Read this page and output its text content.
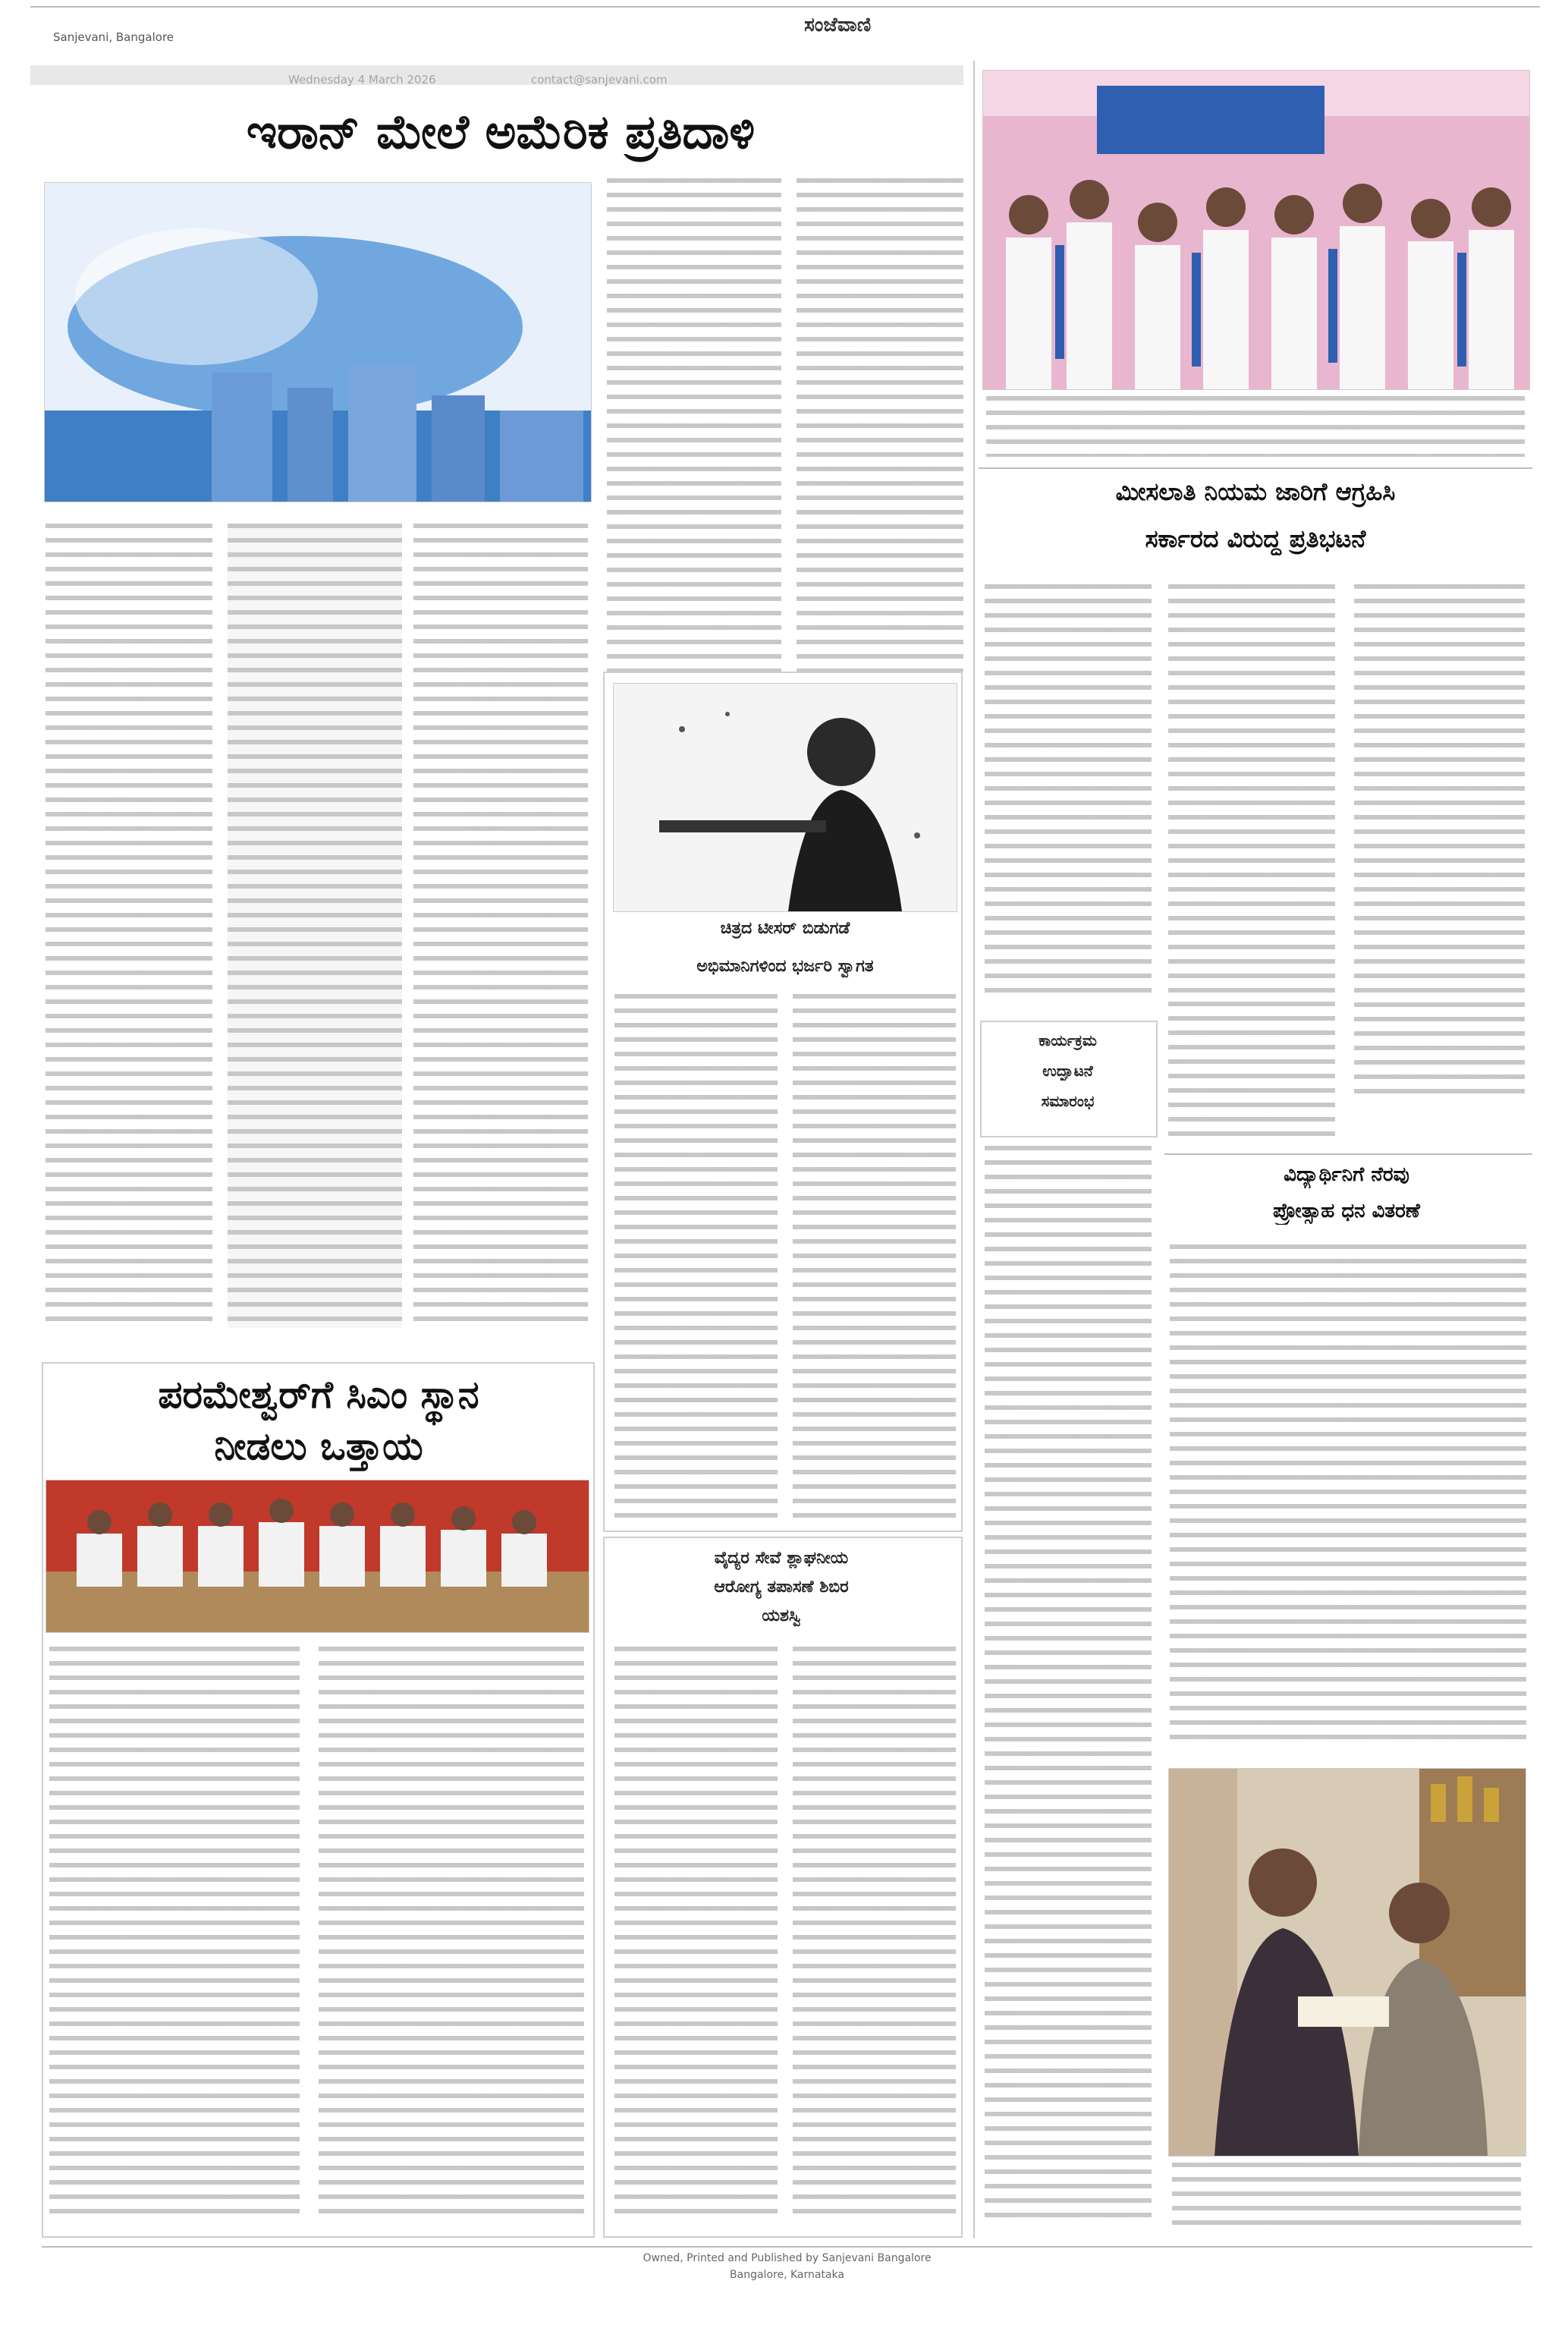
Sanjevani, Bangalore
ಸಂಜೆವಾಣಿ
ಇರಾನ್ ಮೇಲೆ ಅಮೆರಿಕ ಪ್ರತಿದಾಳಿ
ಚಿತ್ರದ ಟೀಸರ್ ಬಿಡುಗಡೆ
ಅಭಿಮಾನಿಗಳಿಂದ ಭರ್ಜರಿ ಸ್ವಾಗತ
ಪರಮೇಶ್ವರ್‌ಗೆ ಸಿಎಂ ಸ್ಥಾನ
ನೀಡಲು ಒತ್ತಾಯ
ವೈದ್ಯರ ಸೇವೆ ಶ್ಲಾಘನೀಯ
ಆರೋಗ್ಯ ತಪಾಸಣೆ ಶಿಬಿರ
ಯಶಸ್ವಿ
ಮೀಸಲಾತಿ ನಿಯಮ ಜಾರಿಗೆ ಆಗ್ರಹಿಸಿ
ಸರ್ಕಾರದ ವಿರುದ್ಧ ಪ್ರತಿಭಟನೆ
ಕಾರ್ಯಕ್ರಮ
ಉದ್ಘಾಟನೆ
ಸಮಾರಂಭ
ವಿದ್ಯಾರ್ಥಿನಿಗೆ ನೆರವು
ಪ್ರೋತ್ಸಾಹ ಧನ ವಿತರಣೆ
Owned, Printed and Published by Sanjevani Bangalore
Bangalore, Karnataka
